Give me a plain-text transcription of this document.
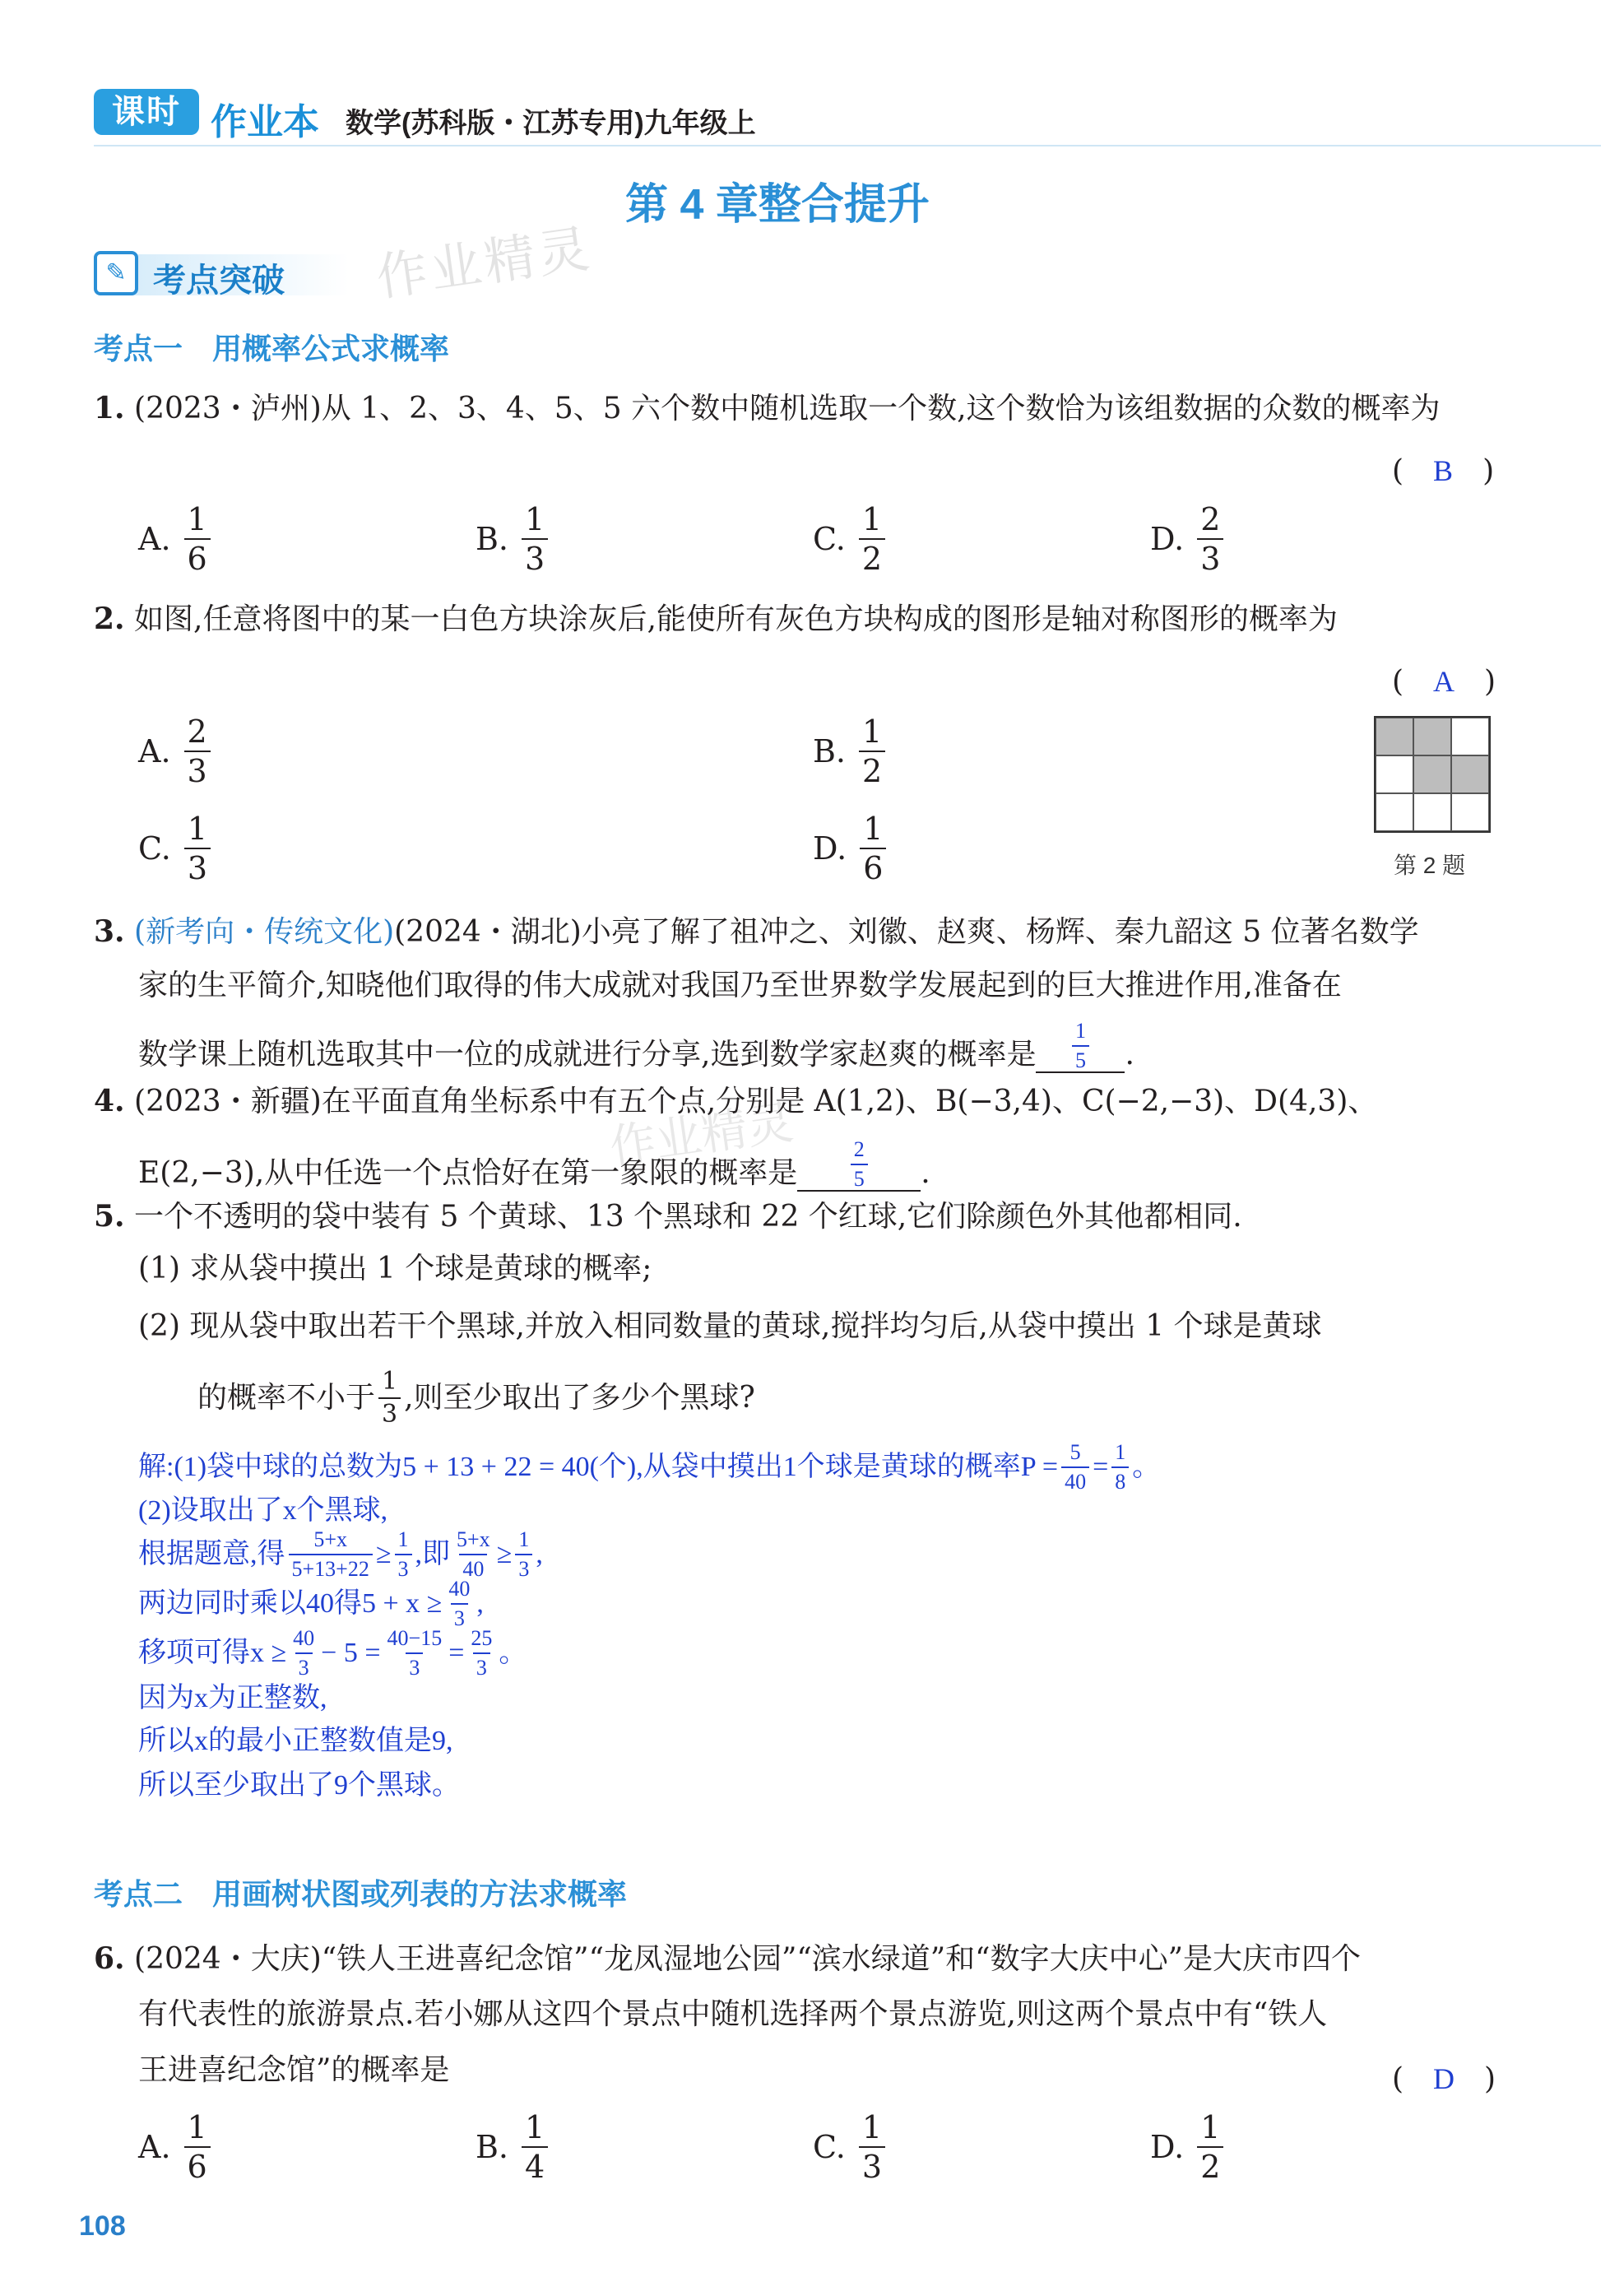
课时 作业本 数学(苏科版・江苏专用)九年级上
第 4 章整合提升
作业精灵
作业精灵
✎ 考点突破
考点一　用概率公式求概率
1. (2023・泸州)从 1、2、3、4、5、5 六个数中随机选取一个数,这个数恰为该组数据的众数的概率为
(　B　)
A. $\frac{1}{6}$	B. $\frac{1}{3}$	C. $\frac{1}{2}$	D. $\frac{2}{3}$
2. 如图,任意将图中的某一白色方块涂灰后,能使所有灰色方块构成的图形是轴对称图形的概率为
(　A　)
A. $\frac{2}{3}$	B. $\frac{1}{2}$
C. $\frac{1}{3}$	D. $\frac{1}{6}$	第 2 题
3. (新考向・传统文化)(2024・湖北)小亮了解了祖冲之、刘徽、赵爽、杨辉、秦九韶这 5 位著名数学
家的生平简介,知晓他们取得的伟大成就对我国乃至世界数学发展起到的巨大推进作用,准备在
数学课上随机选取其中一位的成就进行分享,选到数学家赵爽的概率是 $\frac{1}{5}$ .
4. (2023・新疆)在平面直角坐标系中有五个点,分别是 A(1,2)、B(−3,4)、C(−2,−3)、D(4,3)、
E(2,−3),从中任选一个点恰好在第一象限的概率是 $\frac{2}{5}$ .
5. 一个不透明的袋中装有 5 个黄球、13 个黑球和 22 个红球,它们除颜色外其他都相同.
(1) 求从袋中摸出 1 个球是黄球的概率;
(2) 现从袋中取出若干个黑球,并放入相同数量的黄球,搅拌均匀后,从袋中摸出 1 个球是黄球
的概率不小于 $\frac{1}{3}$ ,则至少取出了多少个黑球?
解:(1)袋中球的总数为5 + 13 + 22 = 40(个),从袋中摸出1个球是黄球的概率$P = \frac{5}{40} = \frac{1}{8}$ 。
(2)设取出了x个黑球,
根据题意,得 $\frac{5+x}{5+13+22} \ge \frac{1}{3}$ ,即 $\frac{5+x}{40} \ge \frac{1}{3}$ ,
两边同时乘以40得$5 + x \ge \frac{40}{3}$ ,
移项可得$x \ge \frac{40}{3} - 5 = \frac{40-15}{3} = \frac{25}{3}$ 。
因为x为正整数,
所以x的最小正整数值是9,
所以至少取出了9个黑球。
考点二　用画树状图或列表的方法求概率
6. (2024・大庆)“铁人王进喜纪念馆”“龙凤湿地公园”“滨水绿道”和“数字大庆中心”是大庆市四个
有代表性的旅游景点.若小娜从这四个景点中随机选择两个景点游览,则这两个景点中有“铁人
王进喜纪念馆”的概率是	(　D　)
A. $\frac{1}{6}$	B. $\frac{1}{4}$	C. $\frac{1}{3}$	D. $\frac{1}{2}$
108
